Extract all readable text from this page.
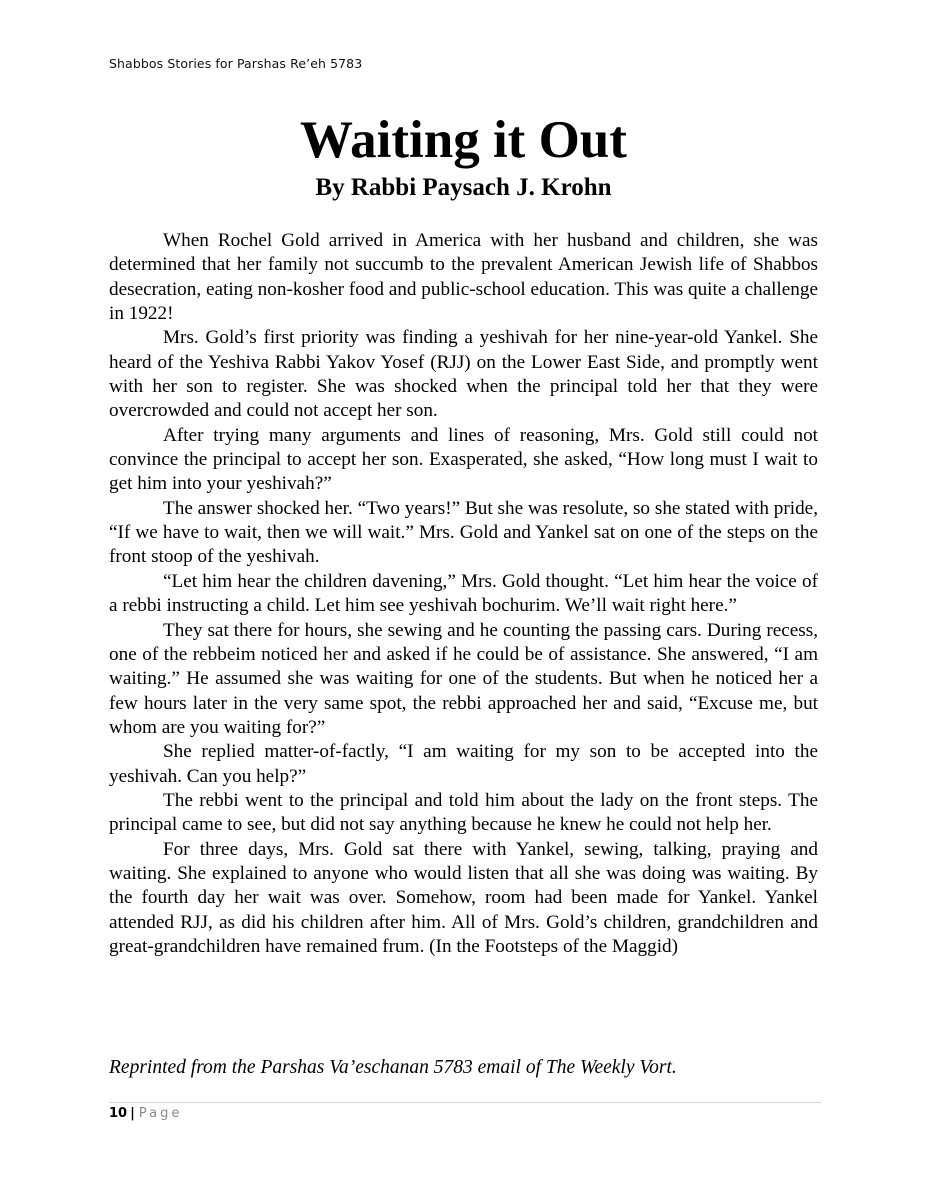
Shabbos Stories for Parshas Re’eh 5783
Waiting it Out
By Rabbi Paysach J. Krohn

When Rochel Gold arrived in America with her husband and children, she was determined that her family not succumb to the prevalent American Jewish life of Shabbos desecration, eating non-kosher food and public-school education. This was quite a challenge in 1922!

Mrs. Gold’s first priority was finding a yeshivah for her nine-year-old Yankel. She heard of the Yeshiva Rabbi Yakov Yosef (RJJ) on the Lower East Side, and promptly went with her son to register. She was shocked when the principal told her that they were overcrowded and could not accept her son.

After trying many arguments and lines of reasoning, Mrs. Gold still could not convince the principal to accept her son. Exasperated, she asked, “How long must I wait to get him into your yeshivah?”

The answer shocked her. “Two years!” But she was resolute, so she stated with pride, “If we have to wait, then we will wait.” Mrs. Gold and Yankel sat on one of the steps on the front stoop of the yeshivah.

“Let him hear the children davening,” Mrs. Gold thought. “Let him hear the voice of a rebbi instructing a child. Let him see yeshivah bochurim. We’ll wait right here.”

They sat there for hours, she sewing and he counting the passing cars. During recess, one of the rebbeim noticed her and asked if he could be of assistance. She answered, “I am waiting.” He assumed she was waiting for one of the students. But when he noticed her a few hours later in the very same spot, the rebbi approached her and said, “Excuse me, but whom are you waiting for?”

She replied matter-of-factly, “I am waiting for my son to be accepted into the yeshivah. Can you help?”

The rebbi went to the principal and told him about the lady on the front steps. The principal came to see, but did not say anything because he knew he could not help her.

For three days, Mrs. Gold sat there with Yankel, sewing, talking, praying and waiting. She explained to anyone who would listen that all she was doing was waiting. By the fourth day her wait was over. Somehow, room had been made for Yankel. Yankel attended RJJ, as did his children after him. All of Mrs. Gold’s children, grandchildren and great-grandchildren have remained frum. (In the Footsteps of the Maggid)

Reprinted from the Parshas Va’eschanan 5783 email of The Weekly Vort.
10 | Page
